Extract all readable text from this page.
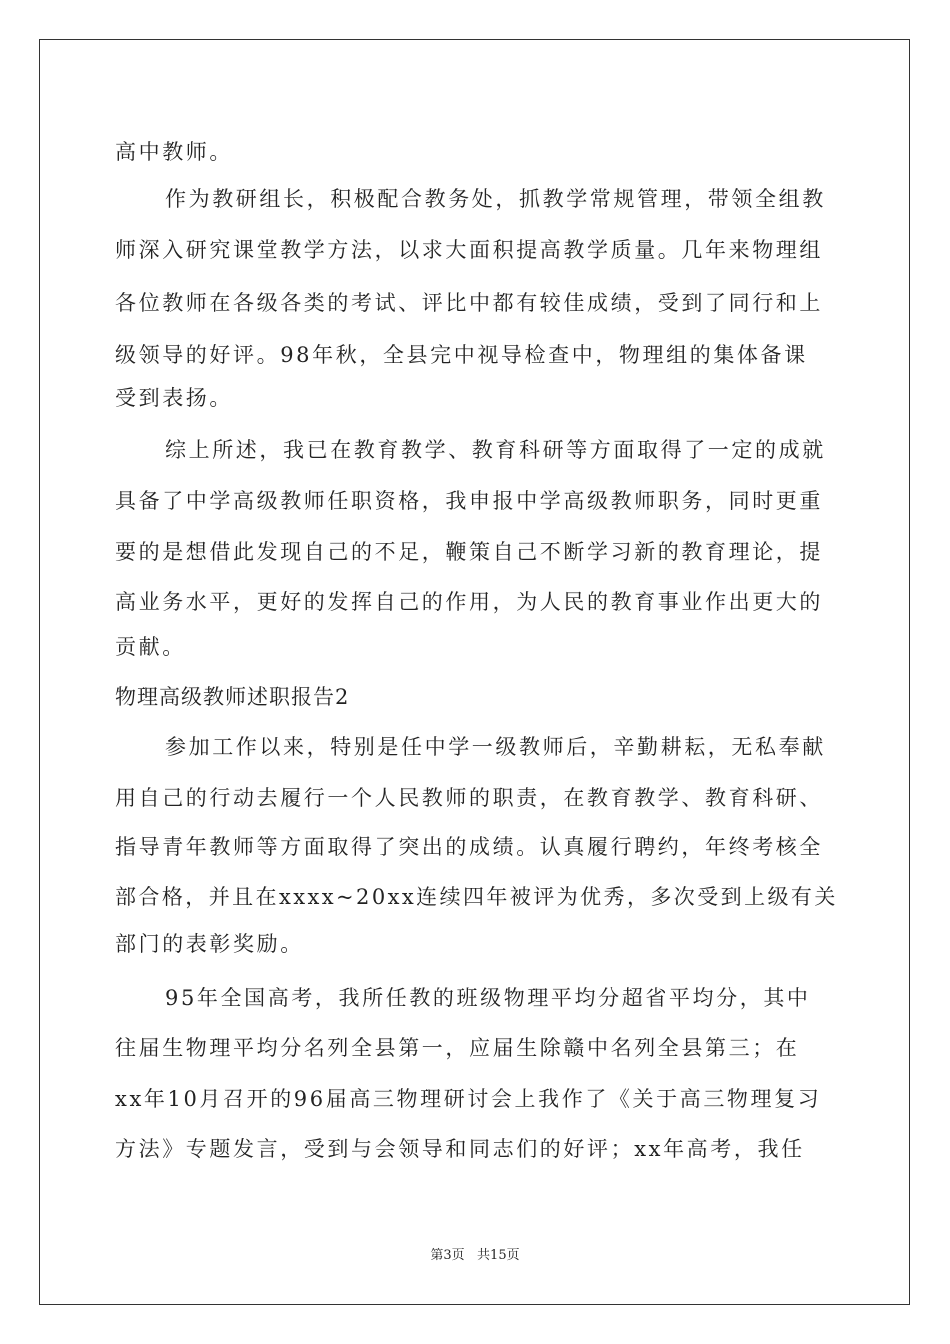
高中教师。
作为教研组长，积极配合教务处，抓教学常规管理，带领全组教
师深入研究课堂教学方法，以求大面积提高教学质量。几年来物理组
各位教师在各级各类的考试、评比中都有较佳成绩，受到了同行和上
级领导的好评。98年秋，全县完中视导检查中，物理组的集体备课
受到表扬。
综上所述，我已在教育教学、教育科研等方面取得了一定的成就
具备了中学高级教师任职资格，我申报中学高级教师职务，同时更重
要的是想借此发现自己的不足，鞭策自己不断学习新的教育理论，提
高业务水平，更好的发挥自己的作用，为人民的教育事业作出更大的
贡献。
物理高级教师述职报告2
参加工作以来，特别是任中学一级教师后，辛勤耕耘，无私奉献
用自己的行动去履行一个人民教师的职责，在教育教学、教育科研、
指导青年教师等方面取得了突出的成绩。认真履行聘约，年终考核全
部合格，并且在xxxx~20xx连续四年被评为优秀，多次受到上级有关
部门的表彰奖励。
95年全国高考，我所任教的班级物理平均分超省平均分，其中
往届生物理平均分名列全县第一，应届生除赣中名列全县第三；在
xx年10月召开的96届高三物理研讨会上我作了《关于高三物理复习
方法》专题发言，受到与会领导和同志们的好评；xx年高考，我任
第3页   共15页
